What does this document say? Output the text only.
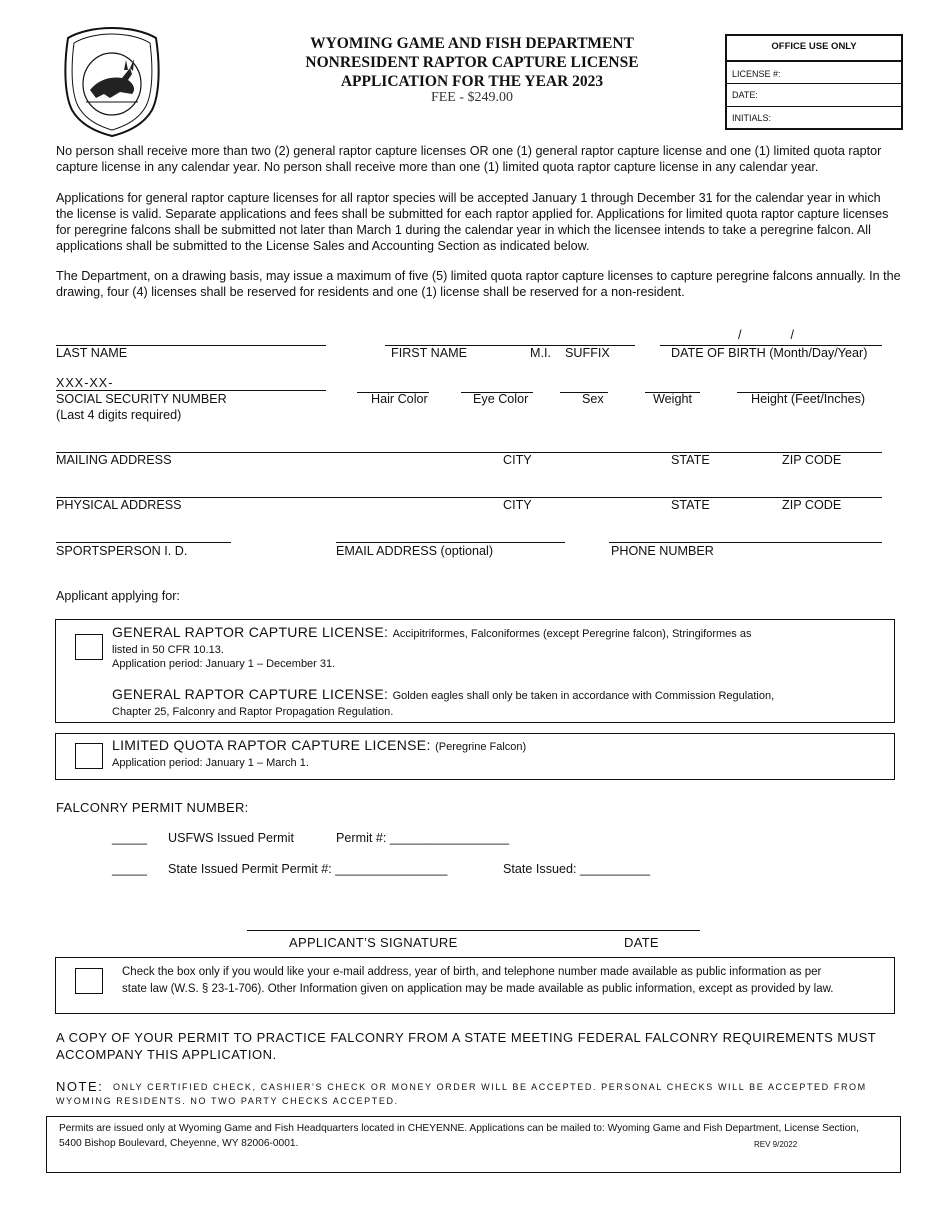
WYOMING GAME AND FISH DEPARTMENT
NONRESIDENT RAPTOR CAPTURE LICENSE
APPLICATION FOR THE YEAR 2023
FEE - $249.00
OFFICE USE ONLY
LICENSE #:
DATE:
INITIALS:
No person shall receive more than two (2) general raptor capture licenses OR one (1) general raptor capture license and one (1) limited quota raptor capture license in any calendar year. No person shall receive more than one (1) limited quota raptor capture license in any calendar year.
Applications for general raptor capture licenses for all raptor species will be accepted January 1 through December 31 for the calendar year in which the license is valid. Separate applications and fees shall be submitted for each raptor applied for. Applications for limited quota raptor capture licenses for peregrine falcons shall be submitted not later than March 1 during the calendar year in which the licensee intends to take a peregrine falcon. All applications shall be submitted to the License Sales and Accounting Section as indicated below.
The Department, on a drawing basis, may issue a maximum of five (5) limited quota raptor capture licenses to capture peregrine falcons annually. In the drawing, four (4) licenses shall be reserved for residents and one (1) license shall be reserved for a non-resident.
/              /
LAST NAME	FIRST NAME	M.I. SUFFIX	DATE OF BIRTH (Month/Day/Year)
XXX-XX-
SOCIAL SECURITY NUMBER
(Last 4 digits required)
Hair Color	Eye Color	Sex	Weight	Height (Feet/Inches)
MAILING ADDRESS	CITY	STATE	ZIP CODE
PHYSICAL ADDRESS	CITY	STATE	ZIP CODE
SPORTSPERSON I. D.	EMAIL ADDRESS (optional)	PHONE NUMBER
Applicant applying for:
GENERAL RAPTOR CAPTURE LICENSE: Accipitriformes, Falconiformes (except Peregrine falcon), Stringiformes as
listed in 50 CFR 10.13.
Application period: January 1 – December 31.
GENERAL RAPTOR CAPTURE LICENSE: Golden eagles shall only be taken in accordance with Commission Regulation,
Chapter 25, Falconry and Raptor Propagation Regulation.
LIMITED QUOTA RAPTOR CAPTURE LICENSE: (Peregrine Falcon)
Application period: January 1 – March 1.
FALCONRY PERMIT NUMBER:
_____ USFWS Issued Permit	Permit #: _________________
_____ State Issued Permit Permit #: ________________	State Issued: __________
APPLICANT’S SIGNATURE	DATE
Check the box only if you would like your e-mail address, year of birth, and telephone number made available as public information as per
state law (W.S. § 23-1-706). Other Information given on application may be made available as public information, except as provided by law.
A COPY OF YOUR PERMIT TO PRACTICE FALCONRY FROM A STATE MEETING FEDERAL FALCONRY REQUIREMENTS MUST
ACCOMPANY THIS APPLICATION.
NOTE: ONLY CERTIFIED CHECK, CASHIER’S CHECK OR MONEY ORDER WILL BE ACCEPTED. PERSONAL CHECKS WILL BE ACCEPTED FROM
WYOMING RESIDENTS. NO TWO PARTY CHECKS ACCEPTED.
Permits are issued only at Wyoming Game and Fish Headquarters located in CHEYENNE. Applications can be mailed to: Wyoming Game and Fish Department, License Section,
5400 Bishop Boulevard, Cheyenne, WY 82006-0001.	REV 9/2022
